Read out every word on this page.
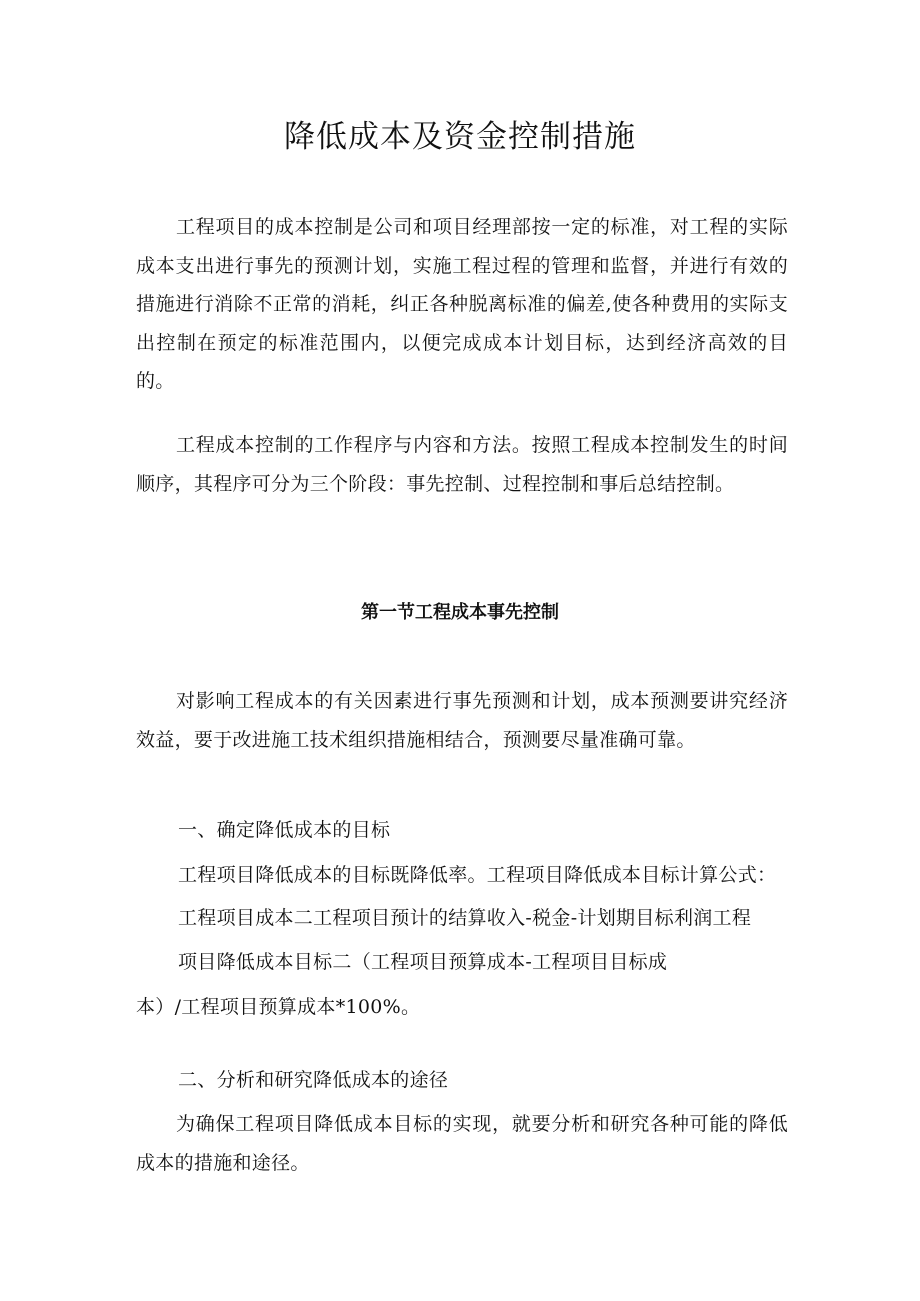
降低成本及资金控制措施

工程项目的成本控制是公司和项目经理部按一定的标准，对工程的实际成本支出进行事先的预测计划，实施工程过程的管理和监督，并进行有效的措施进行消除不正常的消耗，纠正各种脱离标准的偏差,使各种费用的实际支出控制在预定的标准范围内，以便完成成本计划目标，达到经济高效的目的。

工程成本控制的工作程序与内容和方法。按照工程成本控制发生的时间顺序，其程序可分为三个阶段：事先控制、过程控制和事后总结控制。

第一节工程成本事先控制

对影响工程成本的有关因素进行事先预测和计划，成本预测要讲究经济效益，要于改进施工技术组织措施相结合，预测要尽量准确可靠。

一、确定降低成本的目标

工程项目降低成本的目标既降低率。工程项目降低成本目标计算公式：

工程项目成本二工程项目预计的结算收入-税金-计划期目标利润工程

项目降低成本目标二（工程项目预算成本-工程项目目标成

本）/工程项目预算成本*100%。

二、分析和研究降低成本的途径

为确保工程项目降低成本目标的实现，就要分析和研究各种可能的降低成本的措施和途径。
